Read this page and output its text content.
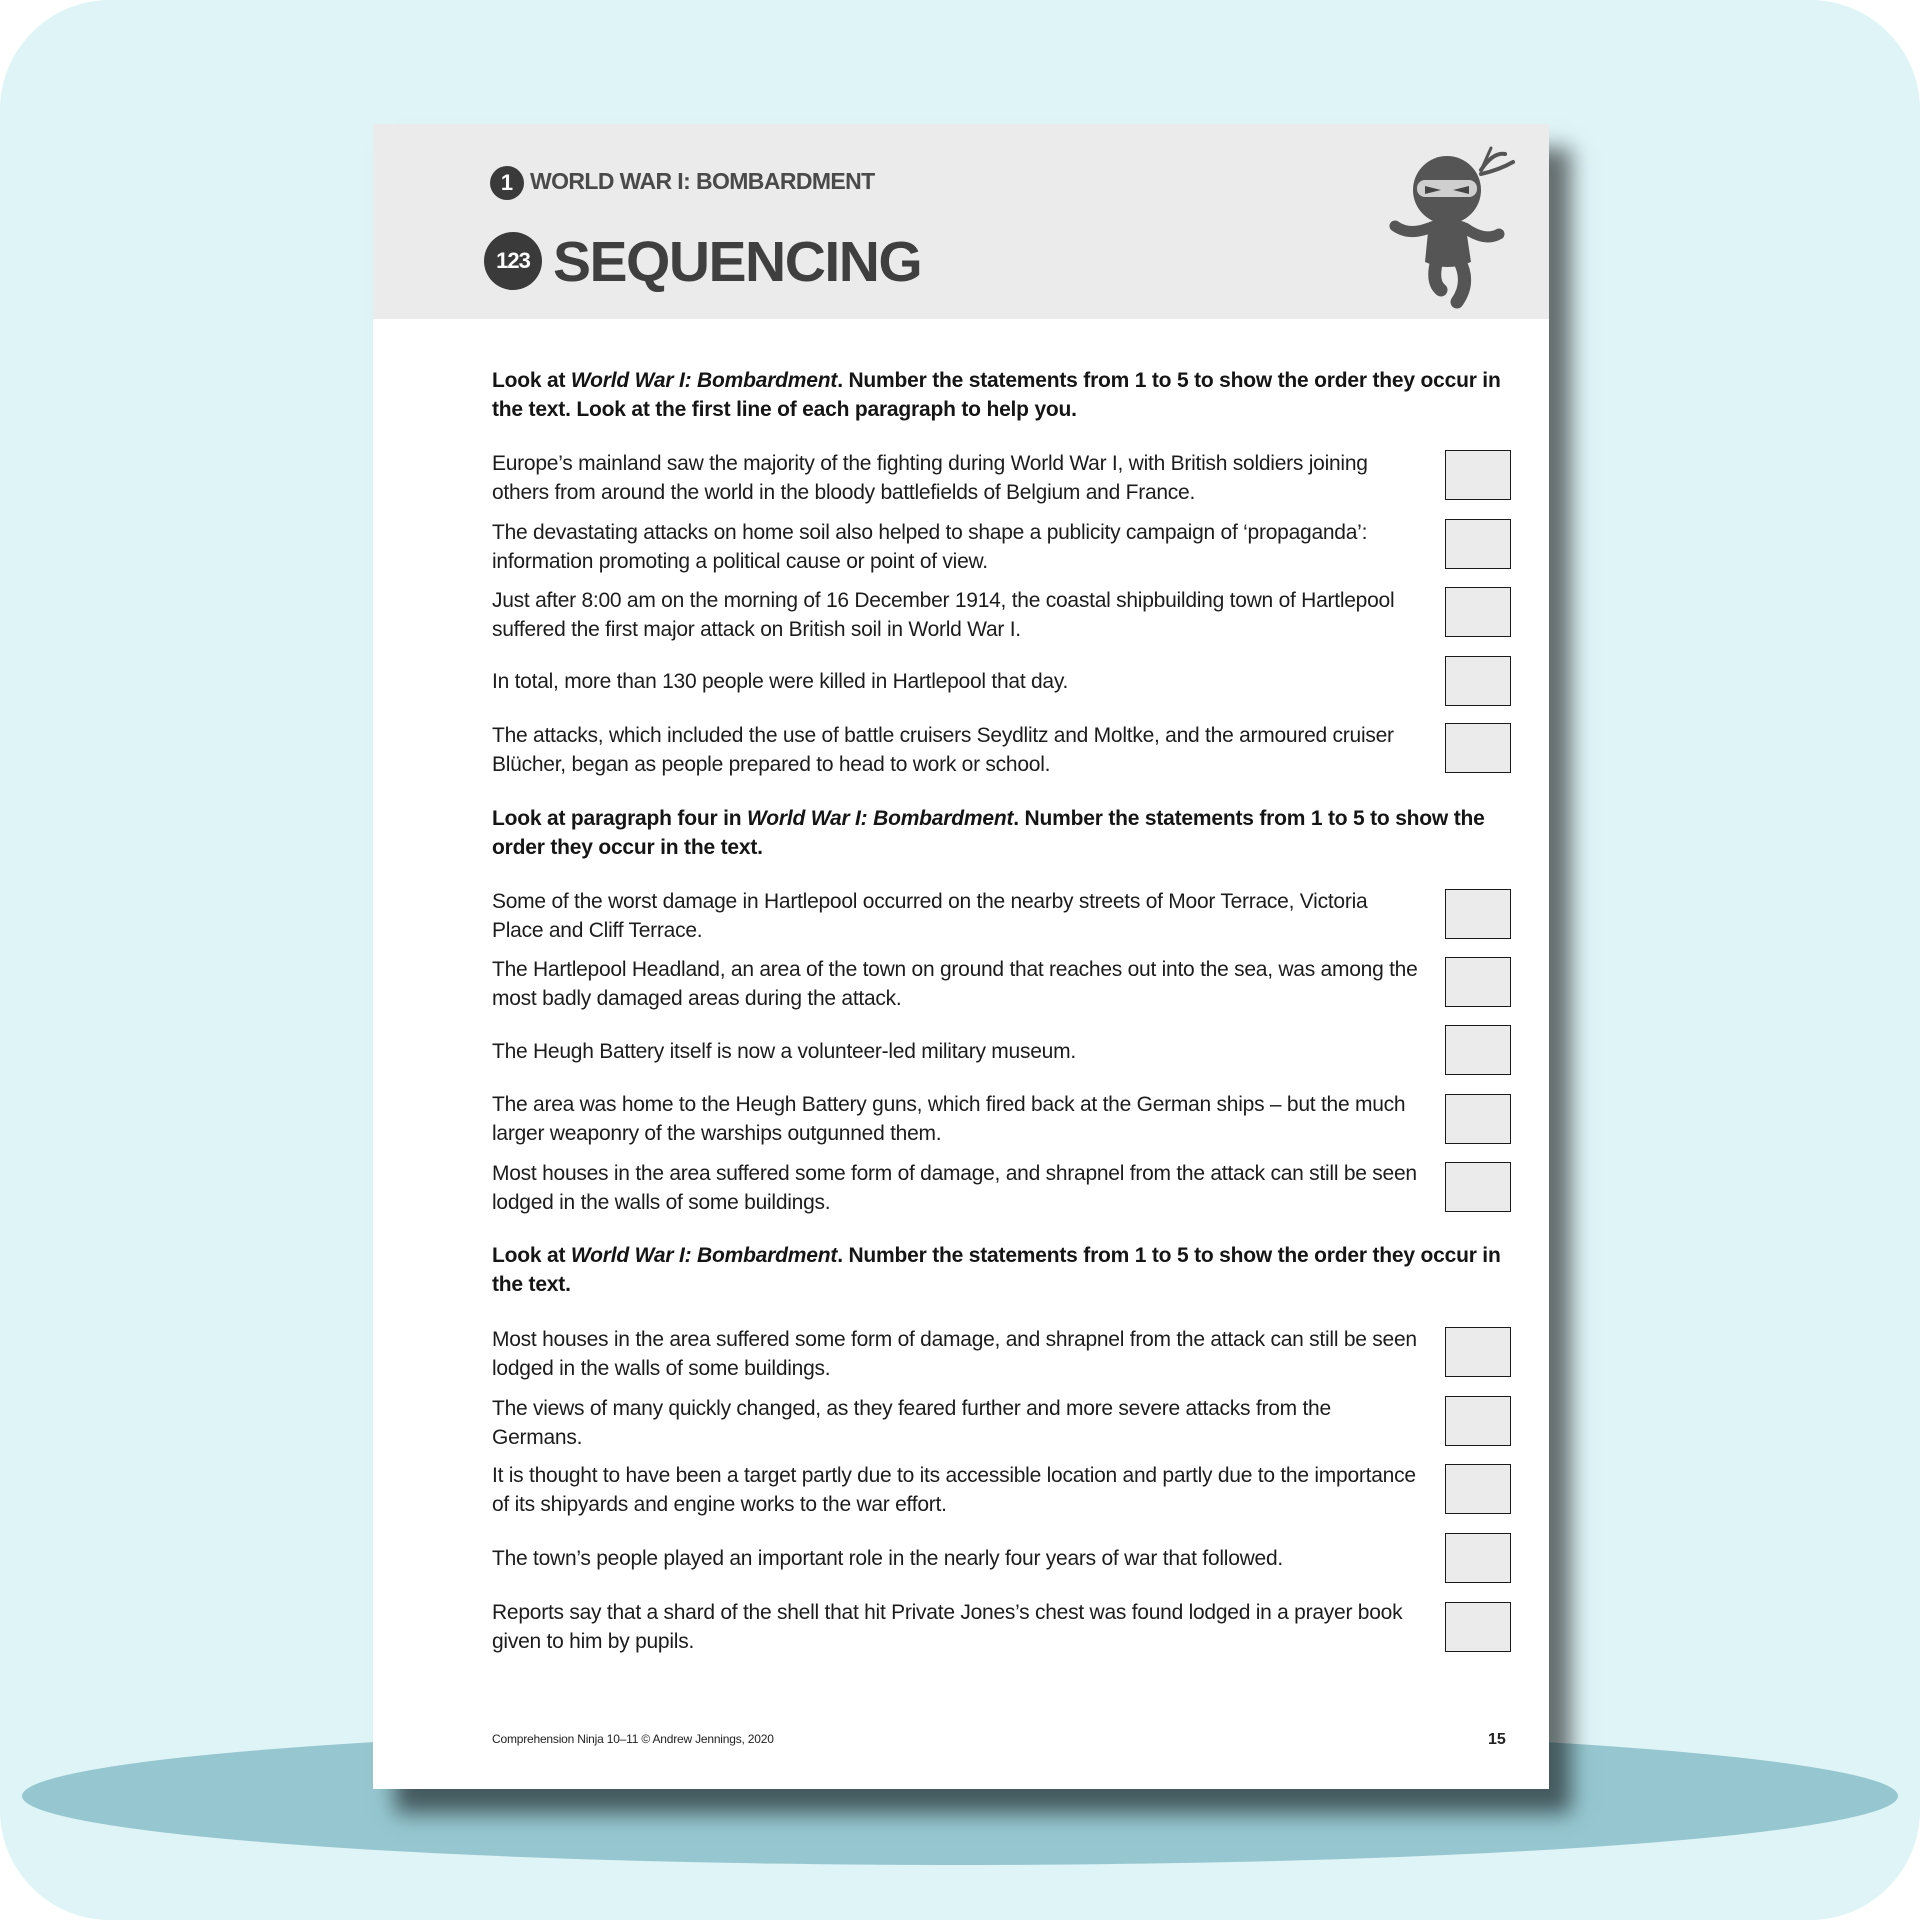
1 WORLD WAR I: BOMBARDMENT
123 SEQUENCING
Look at World War I: Bombardment. Number the statements from 1 to 5 to show the order they occur in the text. Look at the first line of each paragraph to help you.
Europe’s mainland saw the majority of the fighting during World War I, with British soldiers joining others from around the world in the bloody battlefields of Belgium and France.
The devastating attacks on home soil also helped to shape a publicity campaign of ‘propaganda’: information promoting a political cause or point of view.
Just after 8:00 am on the morning of 16 December 1914, the coastal shipbuilding town of Hartlepool suffered the first major attack on British soil in World War I.
In total, more than 130 people were killed in Hartlepool that day.
The attacks, which included the use of battle cruisers Seydlitz and Moltke, and the armoured cruiser Blücher, began as people prepared to head to work or school.
Look at paragraph four in World War I: Bombardment. Number the statements from 1 to 5 to show the order they occur in the text.
Some of the worst damage in Hartlepool occurred on the nearby streets of Moor Terrace, Victoria Place and Cliff Terrace.
The Hartlepool Headland, an area of the town on ground that reaches out into the sea, was among the most badly damaged areas during the attack.
The Heugh Battery itself is now a volunteer-led military museum.
The area was home to the Heugh Battery guns, which fired back at the German ships – but the much larger weaponry of the warships outgunned them.
Most houses in the area suffered some form of damage, and shrapnel from the attack can still be seen lodged in the walls of some buildings.
Look at World War I: Bombardment. Number the statements from 1 to 5 to show the order they occur in the text.
Most houses in the area suffered some form of damage, and shrapnel from the attack can still be seen lodged in the walls of some buildings.
The views of many quickly changed, as they feared further and more severe attacks from the Germans.
It is thought to have been a target partly due to its accessible location and partly due to the importance of its shipyards and engine works to the war effort.
The town’s people played an important role in the nearly four years of war that followed.
Reports say that a shard of the shell that hit Private Jones’s chest was found lodged in a prayer book given to him by pupils.
Comprehension Ninja 10–11 © Andrew Jennings, 2020	15
